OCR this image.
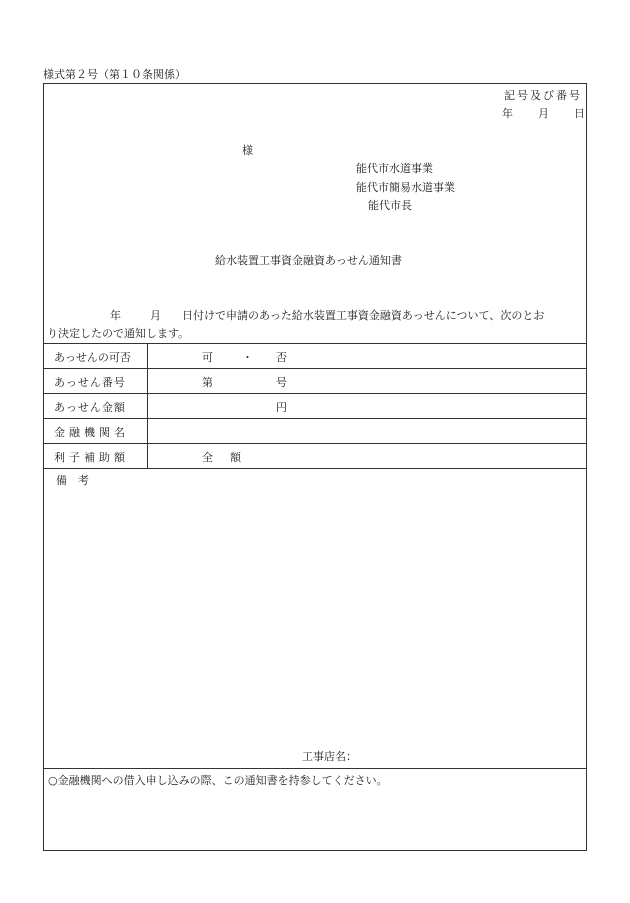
様式第２号（第１０条関係）
記号及び番号
年 月 日
様
能代市水道事業
能代市簡易水道事業
能代市長
給水装置工事資金融資あっせん通知書
年	月 日付けで申請のあった給水装置工事資金融資あっせんについて、次のとお
り決定したので通知します。
あっせんの可否	可	・ 否
あっせん番号	第	号
あっせん金額	円
金融機関名
利子補助額	全 額
備　考
工事店名：
○金融機関への借入申し込みの際、この通知書を持参してください。
